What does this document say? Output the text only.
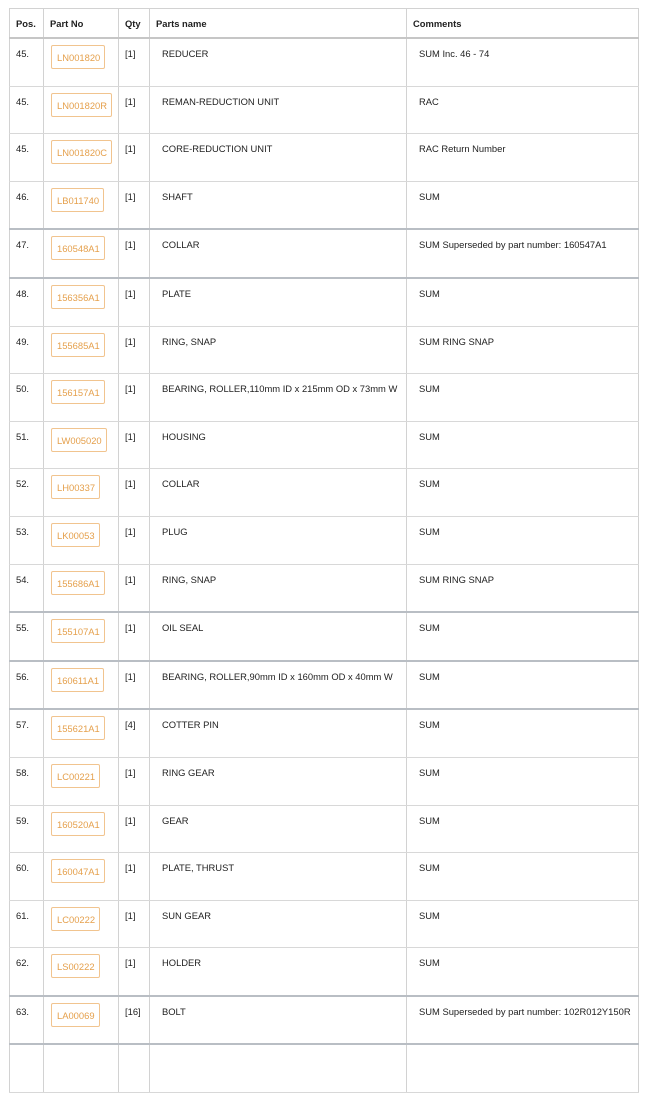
Pos.	Part No	Qty	Parts name	Comments
45.	LN001820	[1]	REDUCER	SUM Inc. 46 - 74
45.	LN001820R	[1]	REMAN-REDUCTION UNIT	RAC
45.	LN001820C	[1]	CORE-REDUCTION UNIT	RAC Return Number
46.	LB011740	[1]	SHAFT	SUM
47.	160548A1	[1]	COLLAR	SUM Superseded by part number: 160547A1
48.	156356A1	[1]	PLATE	SUM
49.	155685A1	[1]	RING, SNAP	SUM RING SNAP
50.	156157A1	[1]	BEARING, ROLLER,110mm ID x 215mm OD x 73mm W	SUM
51.	LW005020	[1]	HOUSING	SUM
52.	LH00337	[1]	COLLAR	SUM
53.	LK00053	[1]	PLUG	SUM
54.	155686A1	[1]	RING, SNAP	SUM RING SNAP
55.	155107A1	[1]	OIL SEAL	SUM
56.	160611A1	[1]	BEARING, ROLLER,90mm ID x 160mm OD x 40mm W	SUM
57.	155621A1	[4]	COTTER PIN	SUM
58.	LC00221	[1]	RING GEAR	SUM
59.	160520A1	[1]	GEAR	SUM
60.	160047A1	[1]	PLATE, THRUST	SUM
61.	LC00222	[1]	SUN GEAR	SUM
62.	LS00222	[1]	HOLDER	SUM
63.	LA00069	[16]	BOLT	SUM Superseded by part number: 102R012Y150R
